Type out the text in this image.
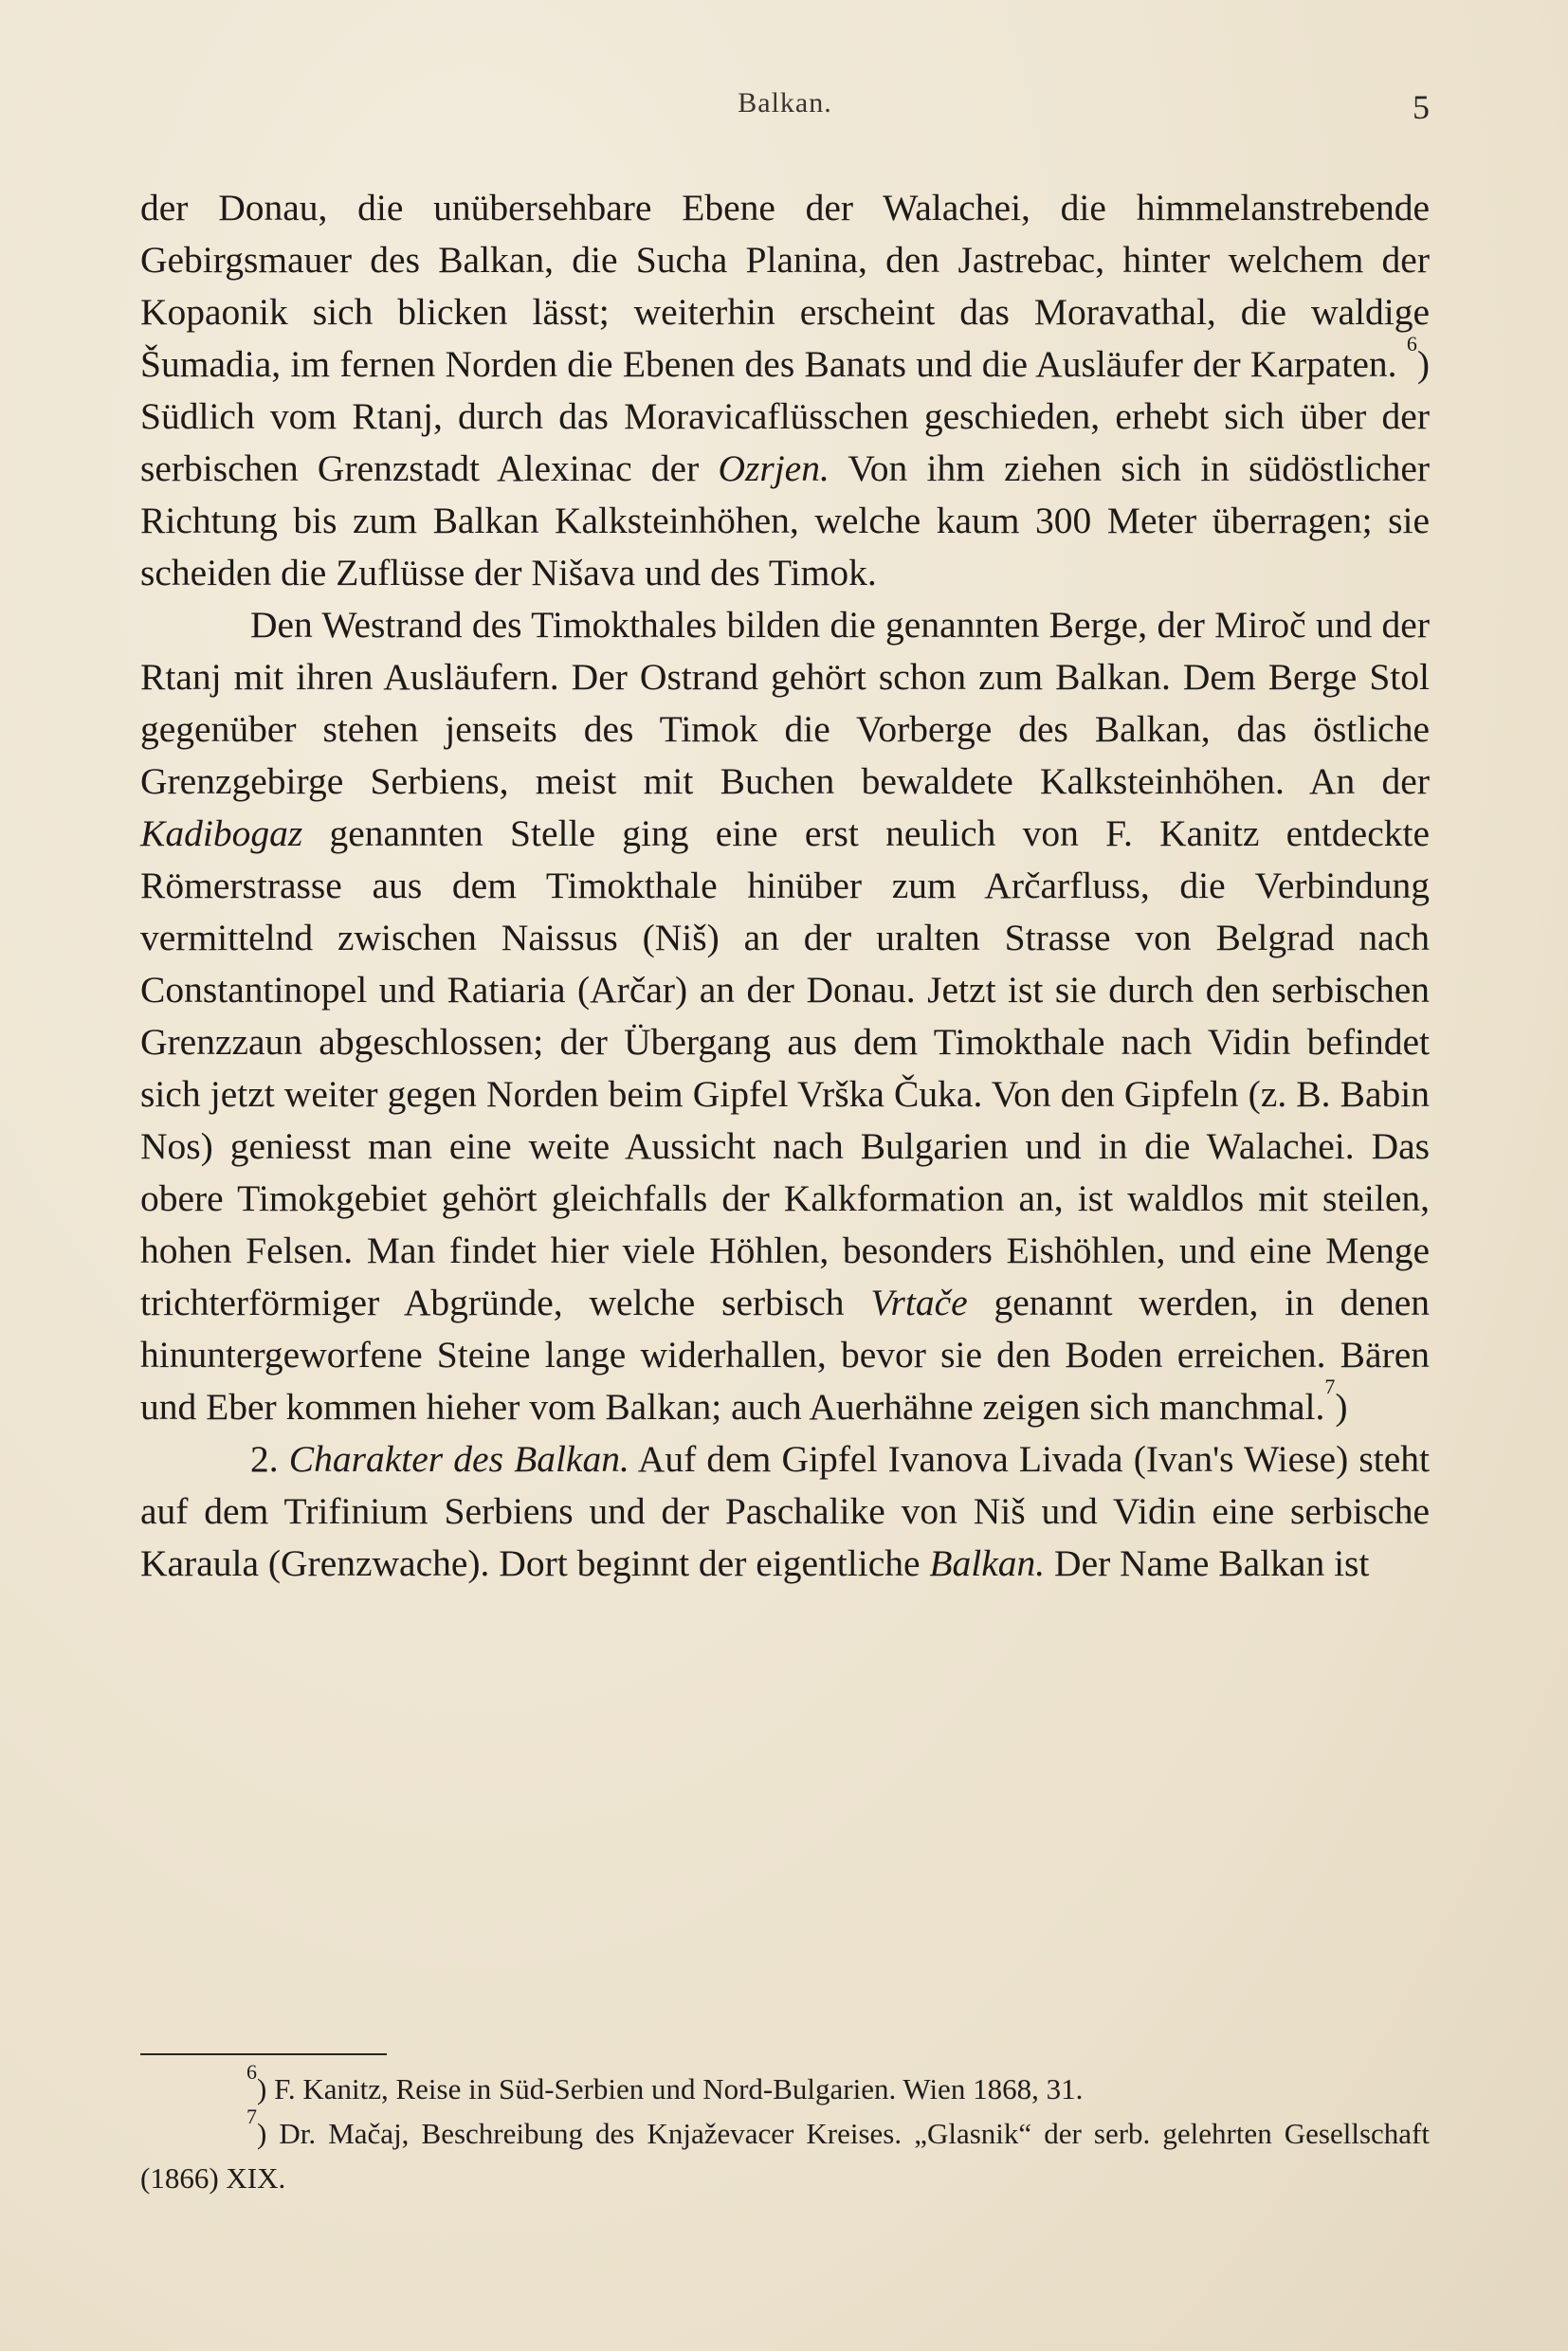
Balkan.	5

der Donau, die unübersehbare Ebene der Walachei, die himmelanstrebende Gebirgsmauer des Balkan, die Sucha Planina, den Jastrebac, hinter welchem der Kopaonik sich blicken lässt; weiterhin erscheint das Moravathal, die waldige Šumadia, im fernen Norden die Ebenen des Banats und die Ausläufer der Karpaten. $^6$) Südlich vom Rtanj, durch das Moravicaflüsschen geschieden, erhebt sich über der serbischen Grenzstadt Alexinac der Ozrjen. Von ihm ziehen sich in südöstlicher Richtung bis zum Balkan Kalksteinhöhen, welche kaum 300 Meter überragen; sie scheiden die Zuflüsse der Nišava und des Timok.

Den Westrand des Timokthales bilden die genannten Berge, der Miroč und der Rtanj mit ihren Ausläufern. Der Ostrand gehört schon zum Balkan. Dem Berge Stol gegenüber stehen jenseits des Timok die Vorberge des Balkan, das östliche Grenzgebirge Serbiens, meist mit Buchen bewaldete Kalksteinhöhen. An der Kadibogaz genannten Stelle ging eine erst neulich von F. Kanitz entdeckte Römerstrasse aus dem Timokthale hinüber zum Arčarfluss, die Verbindung vermittelnd zwischen Naissus (Niš) an der uralten Strasse von Belgrad nach Constantinopel und Ratiaria (Arčar) an der Donau. Jetzt ist sie durch den serbischen Grenzzaun abgeschlossen; der Übergang aus dem Timokthale nach Vidin befindet sich jetzt weiter gegen Norden beim Gipfel Vrška Čuka. Von den Gipfeln (z. B. Babin Nos) geniesst man eine weite Aussicht nach Bulgarien und in die Walachei. Das obere Timokgebiet gehört gleichfalls der Kalkformation an, ist waldlos mit steilen, hohen Felsen. Man findet hier viele Höhlen, besonders Eishöhlen, und eine Menge trichterförmiger Abgründe, welche serbisch Vrtače genannt werden, in denen hinuntergeworfene Steine lange widerhallen, bevor sie den Boden erreichen. Bären und Eber kommen hieher vom Balkan; auch Auerhähne zeigen sich manchmal.$^7$)

2. Charakter des Balkan. Auf dem Gipfel Ivanova Livada (Ivan's Wiese) steht auf dem Trifinium Serbiens und der Paschalike von Niš und Vidin eine serbische Karaula (Grenzwache). Dort beginnt der eigentliche Balkan. Der Name Balkan ist

$^6$) F. Kanitz, Reise in Süd-Serbien und Nord-Bulgarien. Wien 1868, 31.

$^7$) Dr. Mačaj, Beschreibung des Knjaževacer Kreises. „Glasnik“ der serb. gelehrten Gesellschaft (1866) XIX.
